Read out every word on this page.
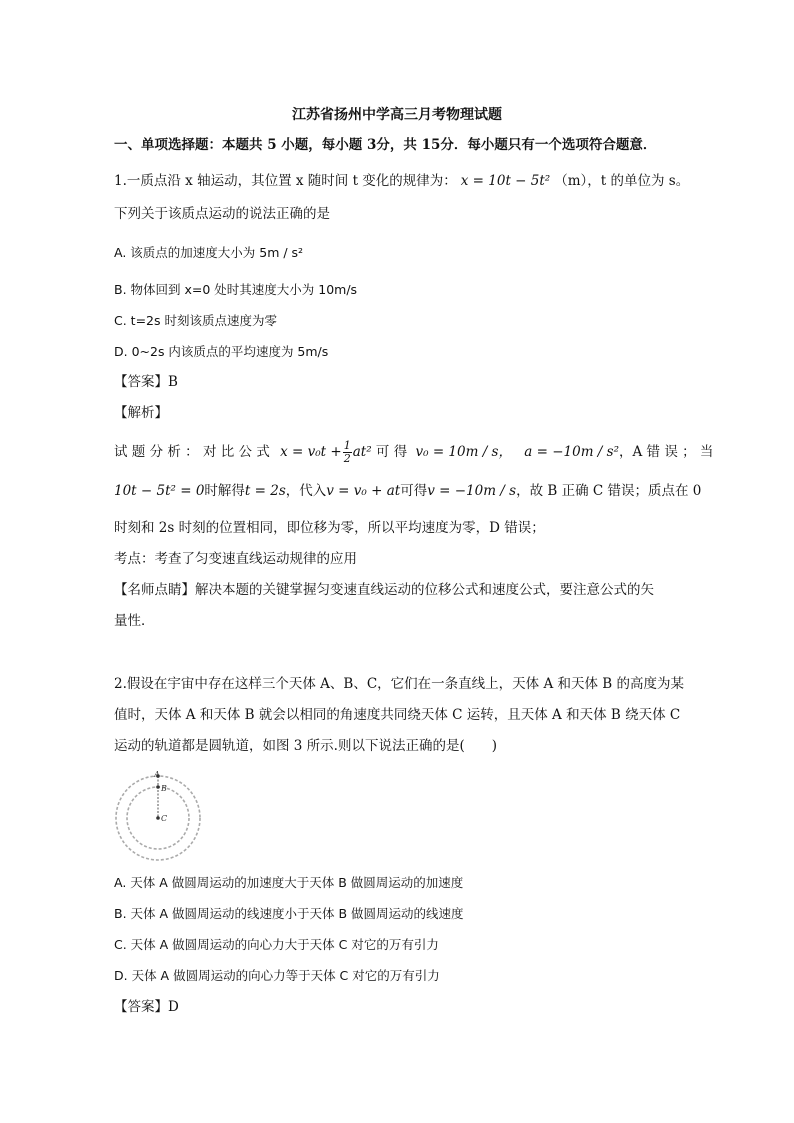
江苏省扬州中学高三月考物理试题
一、单项选择题：本题共 5 小题，每小题 3分，共 15分．每小题只有一个选项符合题意．
1.一质点沿 x 轴运动，其位置 x 随时间 t 变化的规律为： x = 10t − 5t² （m），t 的单位为 s。
下列关于该质点运动的说法正确的是
A. 该质点的加速度大小为 5m / s²
B. 物体回到 x=0 处时其速度大小为 10m/s
C. t=2s 时刻该质点速度为零
D. 0~2s 内该质点的平均速度为 5m/s
【答案】B
【解析】
试 题 分 析 ： 对 比 公 式 $x = v_0t + \frac{1}{2} at^2$ 可 得 v₀ = 10m / s， a = −10m / s²，A 错 误 ； 当
10t − 5t² = 0时解得t = 2s，代入v = v₀ + at可得v = −10m / s，故 B 正确 C 错误；质点在 0
时刻和 2s 时刻的位置相同，即位移为零，所以平均速度为零，D 错误；
考点：考查了匀变速直线运动规律的应用
【名师点睛】解决本题的关键掌握匀变速直线运动的位移公式和速度公式，要注意公式的矢
量性．
2.假设在宇宙中存在这样三个天体 A、B、C，它们在一条直线上，天体 A 和天体 B 的高度为某
值时，天体 A 和天体 B 就会以相同的角速度共同绕天体 C 运转，且天体 A 和天体 B 绕天体 C
运动的轨道都是圆轨道，如图 3 所示.则以下说法正确的是(　　)
A
B
C
A. 天体 A 做圆周运动的加速度大于天体 B 做圆周运动的加速度
B. 天体 A 做圆周运动的线速度小于天体 B 做圆周运动的线速度
C. 天体 A 做圆周运动的向心力大于天体 C 对它的万有引力
D. 天体 A 做圆周运动的向心力等于天体 C 对它的万有引力
【答案】D
